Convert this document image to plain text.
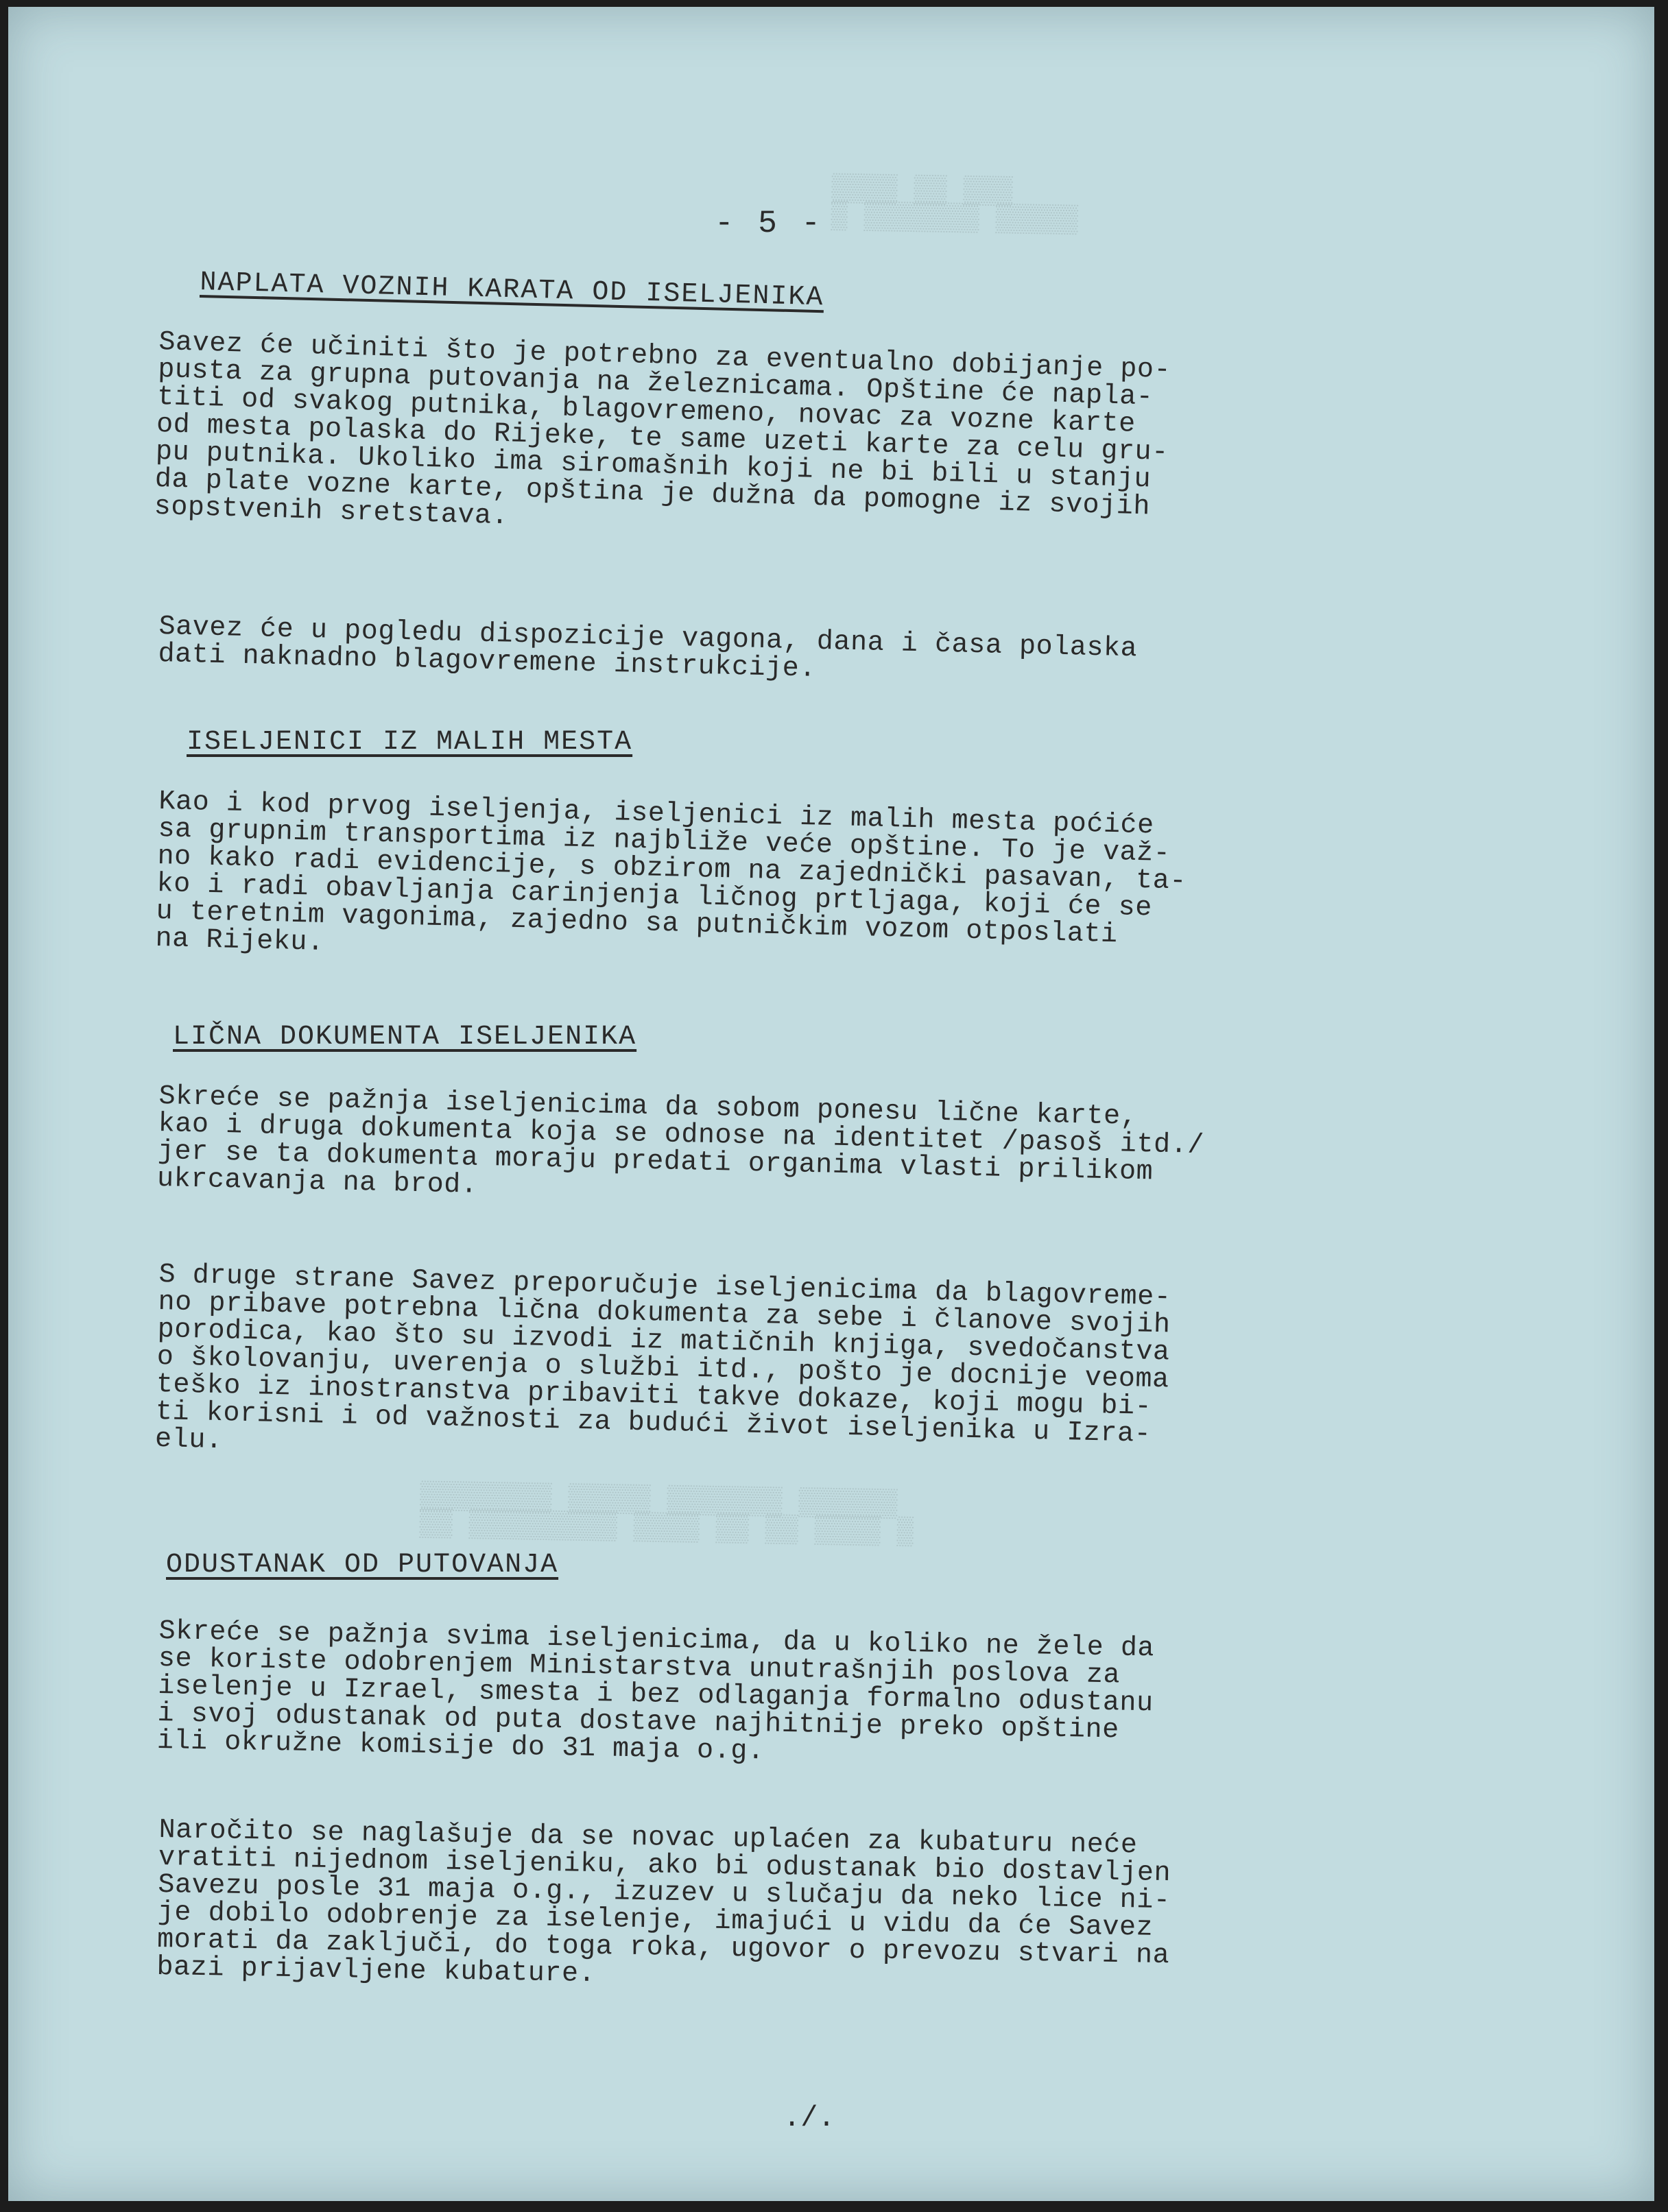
▒▒▒▒ ▒▒ ▒▒▒
▒ ▒▒▒▒▒▒▒ ▒▒▒▒▒
▒▒▒▒▒▒▒▒ ▒▒▒▒▒ ▒▒▒▒▒▒▒ ▒▒▒▒▒▒
▒▒ ▒▒▒▒▒▒▒▒▒ ▒▒▒▒ ▒▒ ▒▒ ▒▒▒▒ ▒
- 5 -
NAPLATA VOZNIH KARATA OD ISELJENIKA
Savez će učiniti što je potrebno za eventualno dobijanje po-
pusta za grupna putovanja na železnicama. Opštine će napla-
titi od svakog putnika, blagovremeno, novac za vozne karte
od mesta polaska do Rijeke, te same uzeti karte za celu gru-
pu putnika. Ukoliko ima siromašnih koji ne bi bili u stanju
da plate vozne karte, opština je dužna da pomogne iz svojih
sopstvenih sretstava.
Savez će u pogledu dispozicije vagona, dana i časa polaska
dati naknadno blagovremene instrukcije.
ISELJENICI IZ MALIH MESTA
Kao i kod prvog iseljenja, iseljenici iz malih mesta poćiće
sa grupnim transportima iz najbliže veće opštine. To je važ-
no kako radi evidencije, s obzirom na zajednički pasavan, ta-
ko i radi obavljanja carinjenja ličnog prtljaga, koji će se
u teretnim vagonima, zajedno sa putničkim vozom otposlati
na Rijeku.
LIČNA DOKUMENTA ISELJENIKA
Skreće se pažnja iseljenicima da sobom ponesu lične karte,
kao i druga dokumenta koja se odnose na identitet /pasoš itd./
jer se ta dokumenta moraju predati organima vlasti prilikom
ukrcavanja na brod.
S druge strane Savez preporučuje iseljenicima da blagovreme-
no pribave potrebna lična dokumenta za sebe i članove svojih
porodica, kao što su izvodi iz matičnih knjiga, svedočanstva
o školovanju, uverenja o službi itd., pošto je docnije veoma
teško iz inostranstva pribaviti takve dokaze, koji mogu bi-
ti korisni i od važnosti za budući život iseljenika u Izra-
elu.
ODUSTANAK OD PUTOVANJA
Skreće se pažnja svima iseljenicima, da u koliko ne žele da
se koriste odobrenjem Ministarstva unutrašnjih poslova za
iselenje u Izrael, smesta i bez odlaganja formalno odustanu
i svoj odustanak od puta dostave najhitnije preko opštine
ili okružne komisije do 31 maja o.g.
Naročito se naglašuje da se novac uplaćen za kubaturu neće
vratiti nijednom iseljeniku, ako bi odustanak bio dostavljen
Savezu posle 31 maja o.g., izuzev u slučaju da neko lice ni-
je dobilo odobrenje za iselenje, imajući u vidu da će Savez
morati da zaključi, do toga roka, ugovor o prevozu stvari na
bazi prijavljene kubature.
./.
